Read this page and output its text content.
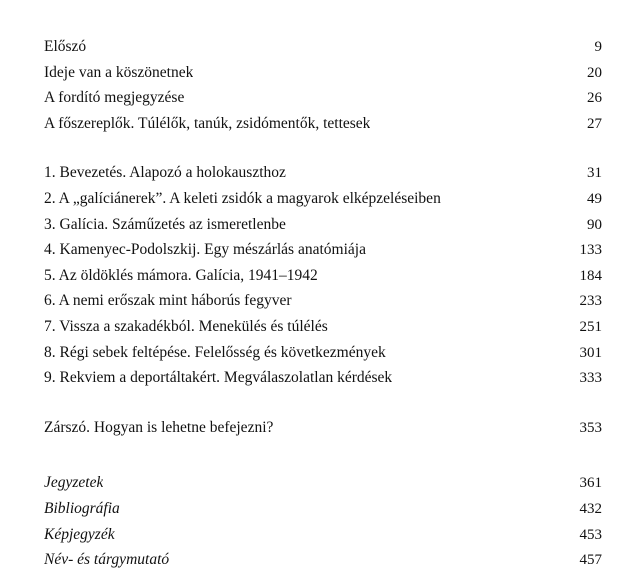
Előszó	9
Ideje van a köszönetnek	20
A fordító megjegyzése	26
A főszereplők. Túlélők, tanúk, zsidómentők, tettesek	27
1. Bevezetés. Alapozó a holokauszthoz	31
2. A „galíciánerek”. A keleti zsidók a magyarok elképzeléseiben	49
3. Galícia. Száműzetés az ismeretlenbe	90
4. Kamenyec-Podolszkij. Egy mészárlás anatómiája	133
5. Az öldöklés mámora. Galícia, 1941–1942	184
6. A nemi erőszak mint háborús fegyver	233
7. Vissza a szakadékból. Menekülés és túlélés	251
8. Régi sebek feltépése. Felelősség és következmények	301
9. Rekviem a deportáltakért. Megválaszolatlan kérdések	333
Zárszó. Hogyan is lehetne befejezni?	353
Jegyzetek	361
Bibliográfia	432
Képjegyzék	453
Név- és tárgymutató	457
